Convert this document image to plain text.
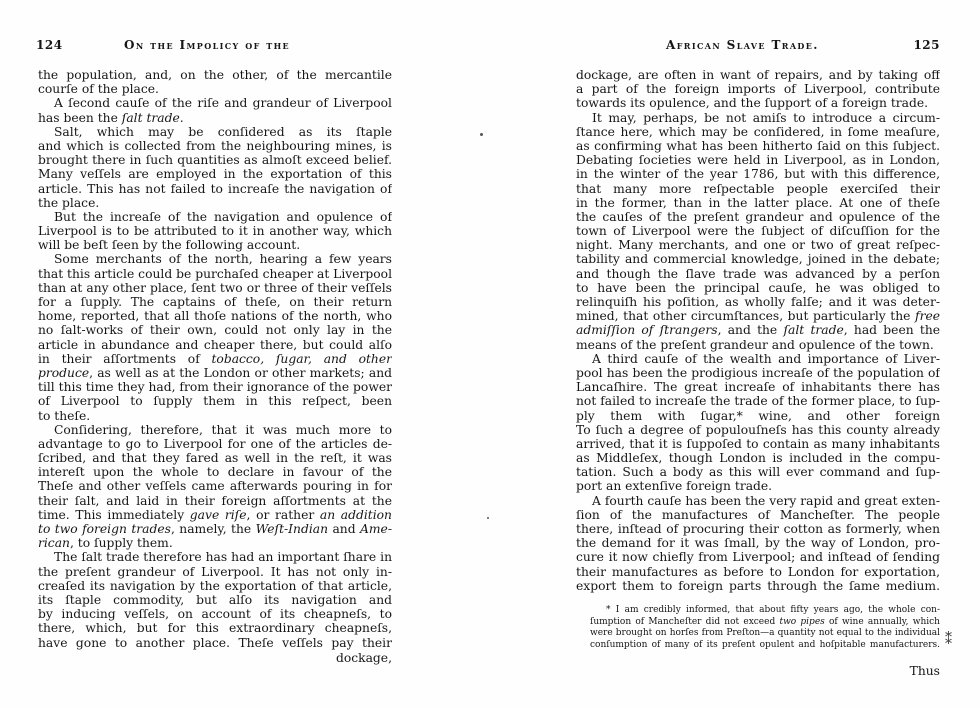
124	On the Impolicy of the
the population, and, on the other, of the mercantile
courſe of the place.
A ſecond cauſe of the riſe and grandeur of Liverpool
has been the ſalt trade.
Salt, which may be conſidered as its ſtaple
and which is collected from the neighbouring mines, is
brought there in ſuch quantities as almoſt exceed belief.
Many veſſels are employed in the exportation of this
article. This has not failed to increaſe the navigation of
the place.
But the increaſe of the navigation and opulence of
Liverpool is to be attributed to it in another way, which
will be beſt ſeen by the following account.
Some merchants of the north, hearing a few years
that this article could be purchaſed cheaper at Liverpool
than at any other place, ſent two or three of their veſſels
for a ſupply. The captains of theſe, on their return
home, reported, that all thoſe nations of the north, who
no ſalt-works of their own, could not only lay in the
article in abundance and cheaper there, but could alſo
in their aſſortments of tobacco, ſugar, and other
produce, as well as at the London or other markets; and
till this time they had, from their ignorance of the power
of Liverpool to ſupply them in this reſpect, been
to theſe.
Conſidering, therefore, that it was much more to
advantage to go to Liverpool for one of the articles de-
ſcribed, and that they fared as well in the reſt, it was
intereſt upon the whole to declare in favour of the
Theſe and other veſſels came afterwards pouring in for
their ſalt, and laid in their foreign aſſortments at the
time. This immediately gave riſe, or rather an addition
to two foreign trades, namely, the Weſt-Indian and Ame-
rican, to ſupply them.
The ſalt trade therefore has had an important ſhare in
the preſent grandeur of Liverpool. It has not only in-
creaſed its navigation by the exportation of that article,
its ſtaple commodity, but alſo its navigation and
by inducing veſſels, on account of its cheapneſs, to
there, which, but for this extraordinary cheapneſs,
have gone to another place. Theſe veſſels pay their
dockage,
African Slave Trade.	125
dockage, are often in want of repairs, and by taking off
a part of the foreign imports of Liverpool, contribute
towards its opulence, and the ſupport of a foreign trade.
It may, perhaps, be not amiſs to introduce a circum-
ſtance here, which may be conſidered, in ſome meaſure,
as confirming what has been hitherto ſaid on this ſubject.
Debating ſocieties were held in Liverpool, as in London,
in the winter of the year 1786, but with this difference,
that many more reſpectable people exerciſed their
in the former, than in the latter place. At one of theſe
the cauſes of the preſent grandeur and opulence of the
town of Liverpool were the ſubject of diſcuſſion for the
night. Many merchants, and one or two of great reſpec-
tability and commercial knowledge, joined in the debate;
and though the ſlave trade was advanced by a perſon
to have been the principal cauſe, he was obliged to
relinquiſh his poſition, as wholly falſe; and it was deter-
mined, that other circumſtances, but particularly the free
admiſſion of ſtrangers, and the ſalt trade, had been the
means of the preſent grandeur and opulence of the town.
A third cauſe of the wealth and importance of Liver-
pool has been the prodigious increaſe of the population of
Lancaſhire. The great increaſe of inhabitants there has
not failed to increaſe the trade of the former place, to ſup-
ply them with ſugar,* wine, and other foreign
To ſuch a degree of populouſneſs has this county already
arrived, that it is ſuppoſed to contain as many inhabitants
as Middleſex, though London is included in the compu-
tation. Such a body as this will ever command and ſup-
port an extenſive foreign trade.
A fourth cauſe has been the very rapid and great exten-
ſion of the manufactures of Mancheſter. The people
there, inſtead of procuring their cotton as formerly, when
the demand for it was ſmall, by the way of London, pro-
cure it now chiefly from Liverpool; and inſtead of ſending
their manufactures as before to London for exportation,
export them to foreign parts through the ſame medium.
* I am credibly informed, that about fifty years ago, the whole con-
ſumption of Mancheſter did not exceed two pipes of wine annually, which
were brought on horſes from Preſton—a quantity not equal to the individual
conſumption of many of its preſent opulent and hoſpitable manufacturers.
Thus
⁑
